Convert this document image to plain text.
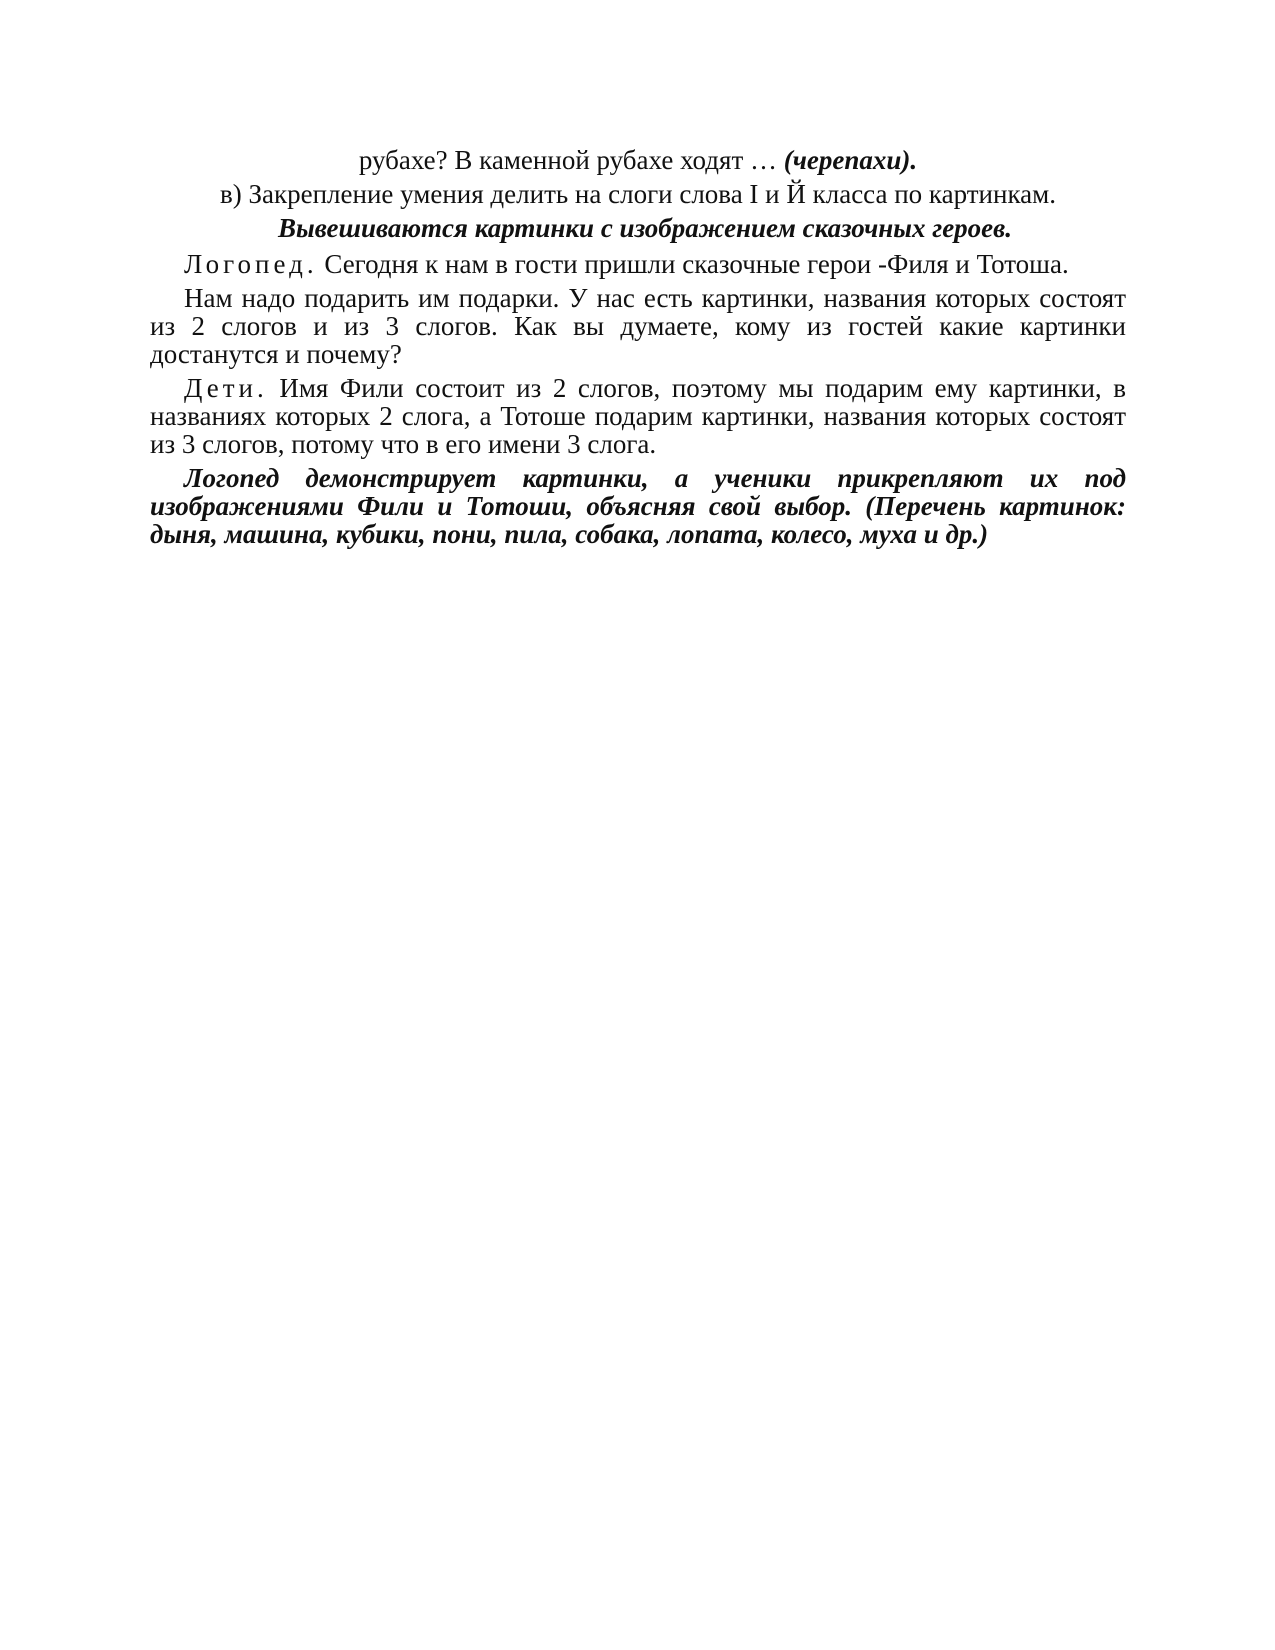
рубахе? В каменной рубахе ходят … (черепахи).

в) Закрепление умения делить на слоги слова I и Й класса по картинкам.

Вывешиваются картинки с изображением сказочных героев.

Логопед. Сегодня к нам в гости пришли сказочные герои -Филя и Тотоша.

Нам надо подарить им подарки. У нас есть картинки, названия которых состоят из 2 слогов и из 3 слогов. Как вы думаете, кому из гостей какие картинки достанутся и почему?

Дети. Имя Фили состоит из 2 слогов, поэтому мы подарим ему картинки, в названиях которых 2 слога, а Тотоше подарим картинки, названия которых состоят из 3 слогов, потому что в его имени 3 слога.

Логопед демонстрирует картинки, а ученики прикрепляют их под изображениями Фили и Тотоши, объясняя свой выбор. (Перечень картинок: дыня, машина, кубики, пони, пила, собака, лопата, колесо, муха и др.)
